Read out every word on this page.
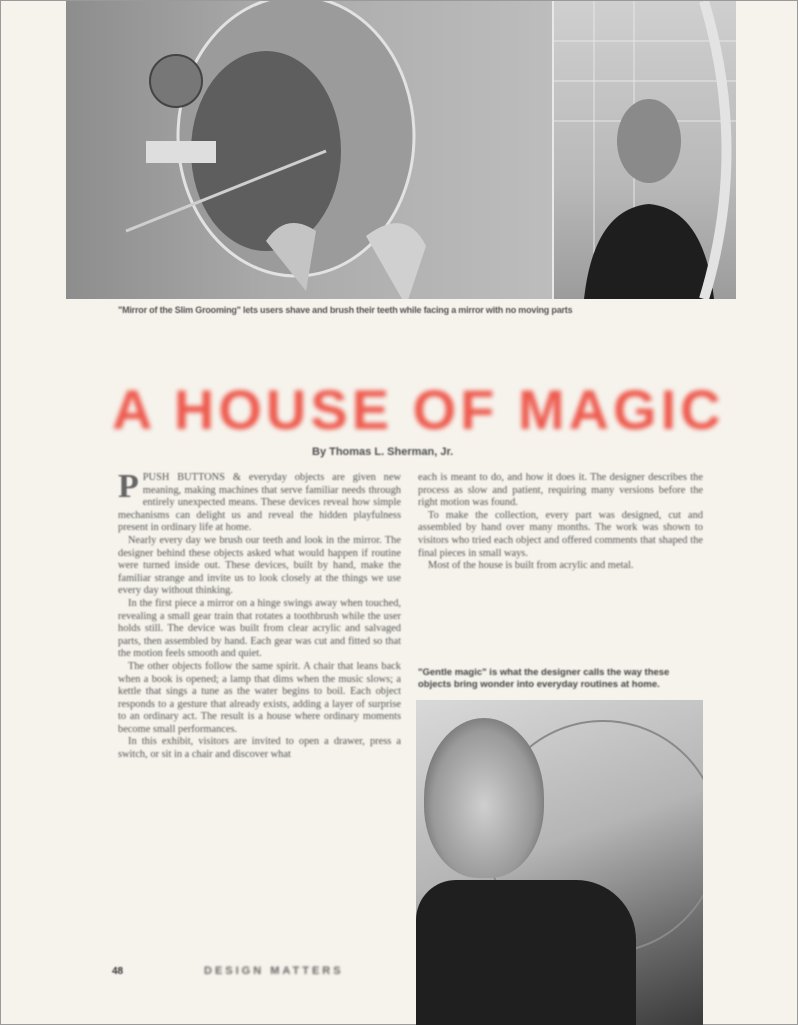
"Mirror of the Slim Grooming" lets users shave and brush their teeth while facing a mirror with no moving parts
A HOUSE OF MAGIC
By Thomas L. Sherman, Jr.

PPUSH BUTTONS & everyday objects are given new meaning, making machines that serve familiar needs through entirely unexpected means. These devices reveal how simple mechanisms can delight us and reveal the hidden playfulness present in ordinary life at home.

Nearly every day we brush our teeth and look in the mirror. The designer behind these objects asked what would happen if routine were turned inside out. These devices, built by hand, make the familiar strange and invite us to look closely at the things we use every day without thinking.

In the first piece a mirror on a hinge swings away when touched, revealing a small gear train that rotates a toothbrush while the user holds still. The device was built from clear acrylic and salvaged parts, then assembled by hand. Each gear was cut and fitted so that the motion feels smooth and quiet.

The other objects follow the same spirit. A chair that leans back when a book is opened; a lamp that dims when the music slows; a kettle that sings a tune as the water begins to boil. Each object responds to a gesture that already exists, adding a layer of surprise to an ordinary act. The result is a house where ordinary moments become small performances.

In this exhibit, visitors are invited to open a drawer, press a switch, or sit in a chair and discover what

each is meant to do, and how it does it. The designer describes the process as slow and patient, requiring many versions before the right motion was found.

To make the collection, every part was designed, cut and assembled by hand over many months. The work was shown to visitors who tried each object and offered comments that shaped the final pieces in small ways.

Most of the house is built from acrylic and metal.

"Gentle magic" is what the designer calls the way these objects bring wonder into everyday routines at home.
48	DESIGN MATTERS
